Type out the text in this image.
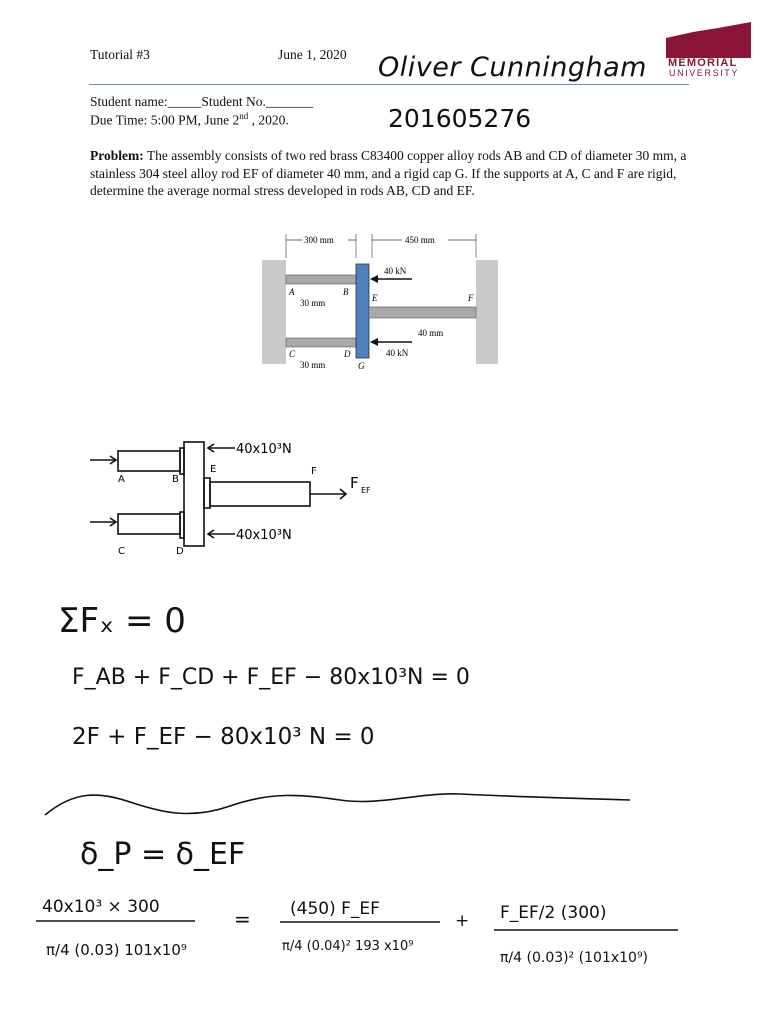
Tutorial #3	June 1, 2020 Oliver Cunningham MEMORIAL
UNIVERSITY
Student name:_____Student No._______
Due Time: 5:00 PM, June 2nd , 2020.	201605276
Problem: The assembly consists of two red brass C83400 copper alloy rods AB and CD of diameter 30 mm, a stainless 304 steel alloy rod EF of diameter 40 mm, and a rigid cap G. If the supports at A, C and F are rigid, determine the average normal stress developed in rods AB, CD and EF.
300 mm	450 mm
40 kN
40 kN
30 mm
30 mm
40 mm
A	B
E	F
C	D
G
40x10³N
40x10³N
A	B
E	F
C	D
F EF
ΣFₓ = 0
F_AB + F_CD + F_EF − 80x10³N = 0
2F + F_EF − 80x10³ N = 0
δ_P = δ_EF
40x10³ × 300
π/4 (0.03) 101x10⁹
= (450) F_EF
π/4 (0.04)² 193 x10⁹
+ F_EF/2 (300)
π/4 (0.03)² (101x10⁹)
